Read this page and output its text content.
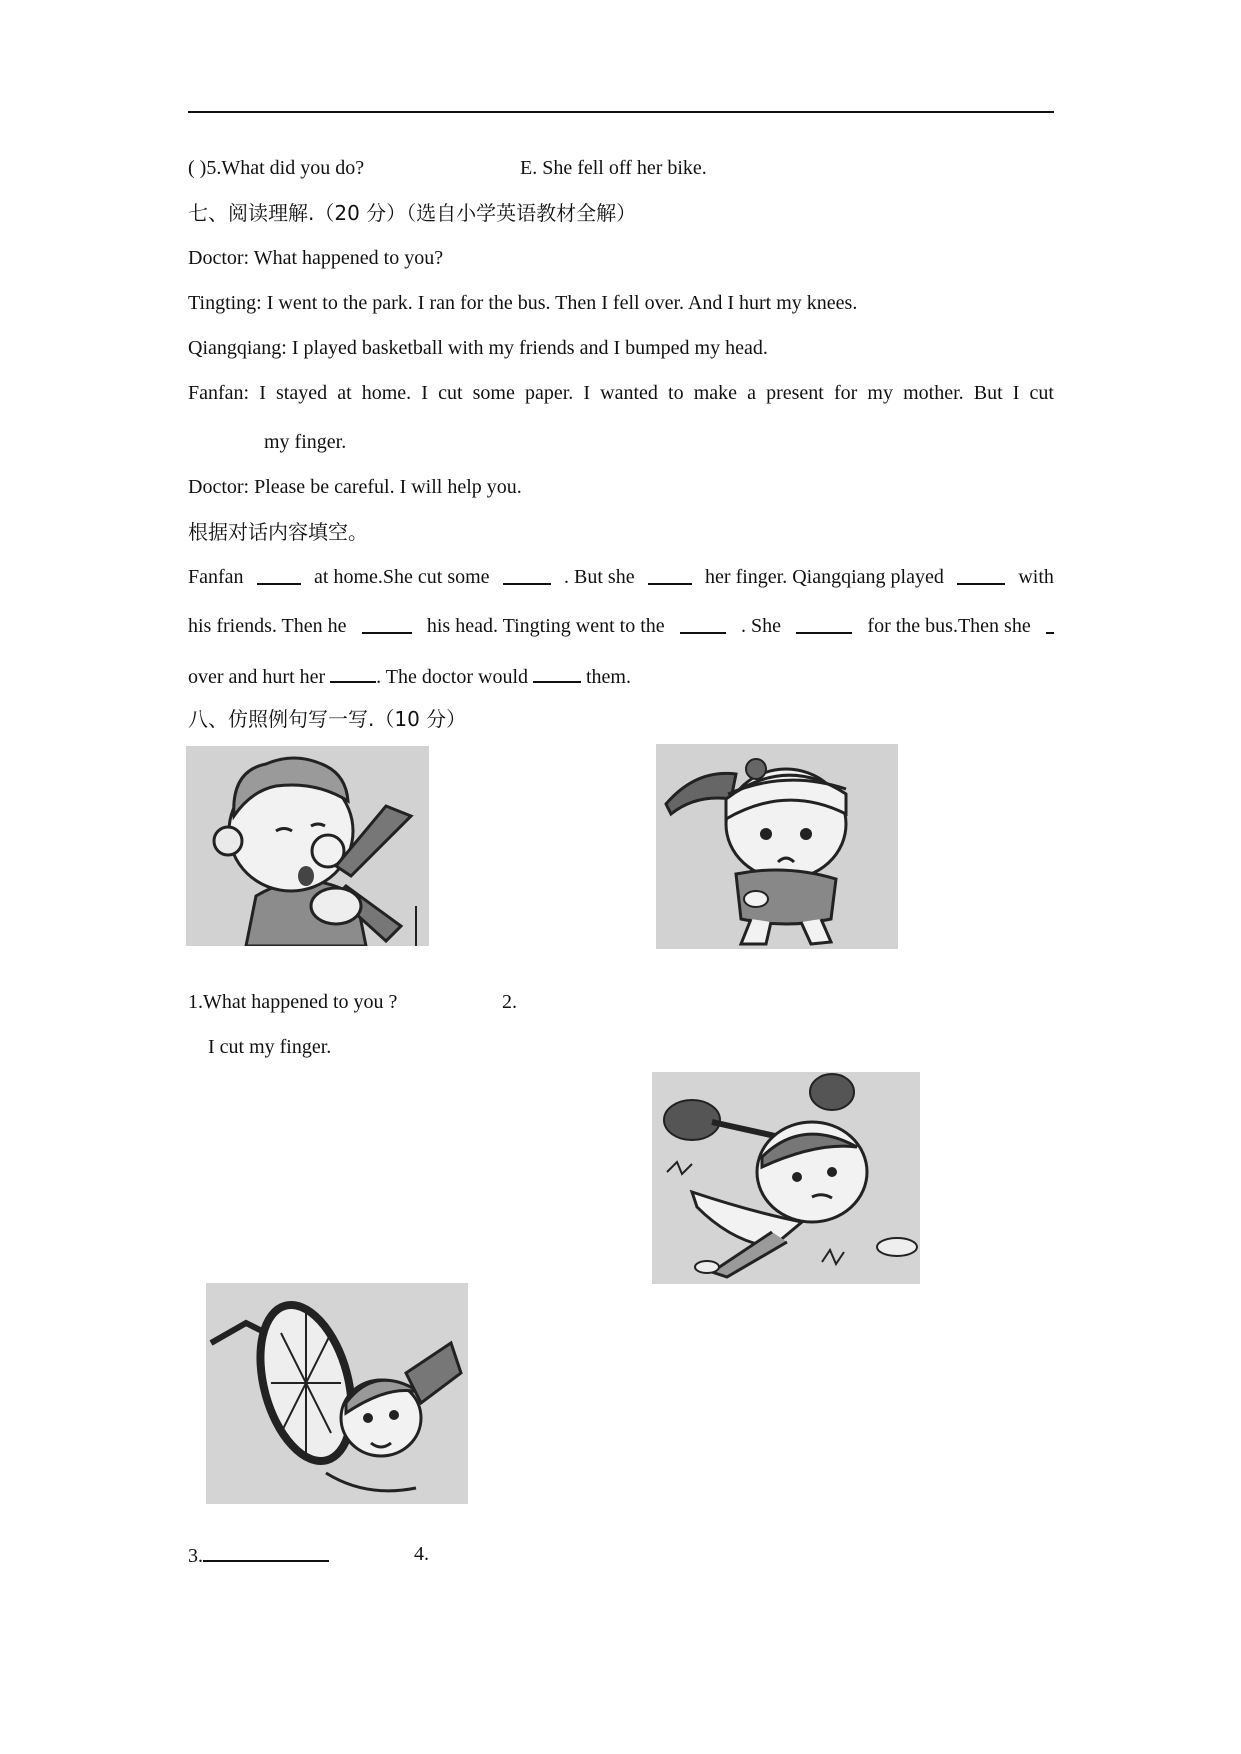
( )5.What did you do?	E. She fell off her bike.
七、阅读理解.（20 分）（选自小学英语教材全解）
Doctor: What happened to you?
Tingting: I went to the park. I ran for the bus. Then I fell over. And I hurt my knees.
Qiangqiang: I played basketball with my friends and I bumped my head.
Fanfan: I stayed at home. I cut some paper. I wanted to make a present for my mother. But I cut
my finger.
Doctor: Please be careful. I will help you.
根据对话内容填空。
Fanfan	at home.She cut some	. But she	her finger. Qiangqiang played	with
his friends. Then he	his head. Tingting went to the	. She	for the bus.Then she
over and hurt her	. The doctor would	them.
八、仿照例句写一写.（10 分）
1.What happened to you ?	2.
I cut my finger.
3.	4.
